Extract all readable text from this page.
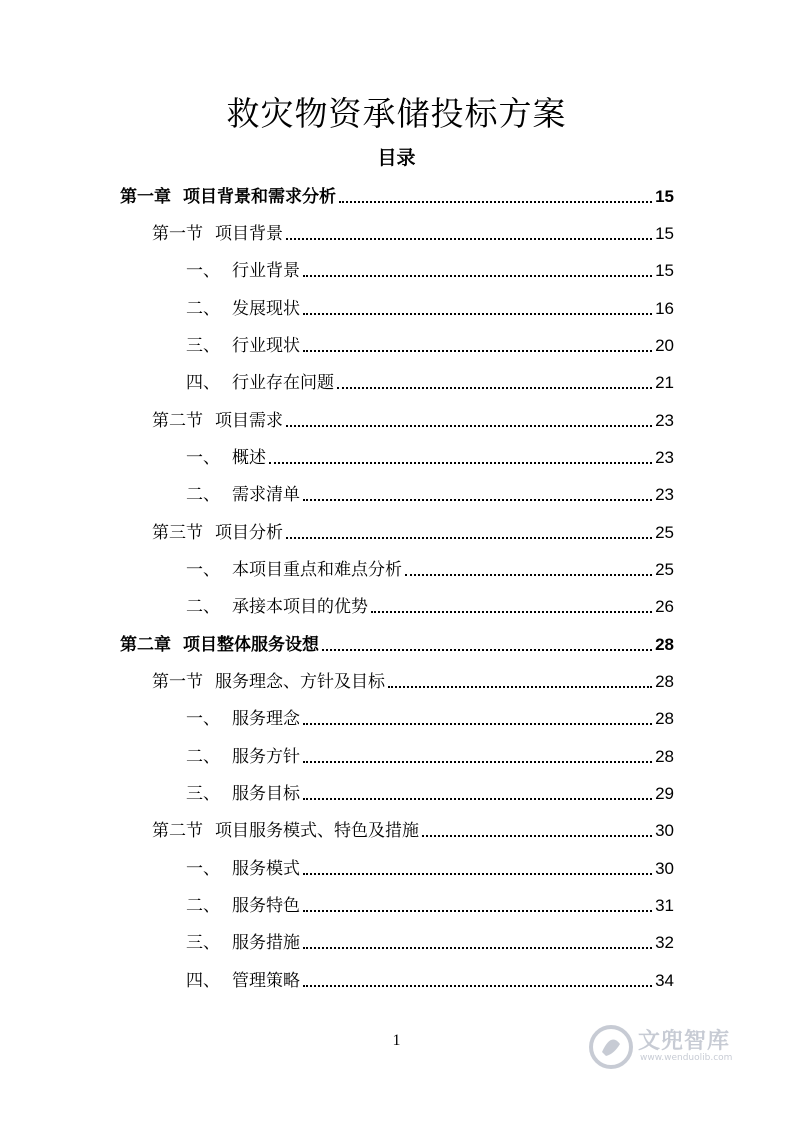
救灾物资承储投标方案
目录
第一章 项目背景和需求分析	15
第一节 项目背景	15
一、 行业背景	15
二、 发展现状	16
三、 行业现状	20
四、 行业存在问题	21
第二节 项目需求	23
一、 概述	23
二、 需求清单	23
第三节 项目分析	25
一、 本项目重点和难点分析	25
二、 承接本项目的优势	26
第二章 项目整体服务设想	28
第一节 服务理念、方针及目标	28
一、 服务理念	28
二、 服务方针	28
三、 服务目标	29
第二节 项目服务模式、特色及措施	30
一、 服务模式	30
二、 服务特色	31
三、 服务措施	32
四、 管理策略	34
1	文兜智库
www.wenduolib.com
